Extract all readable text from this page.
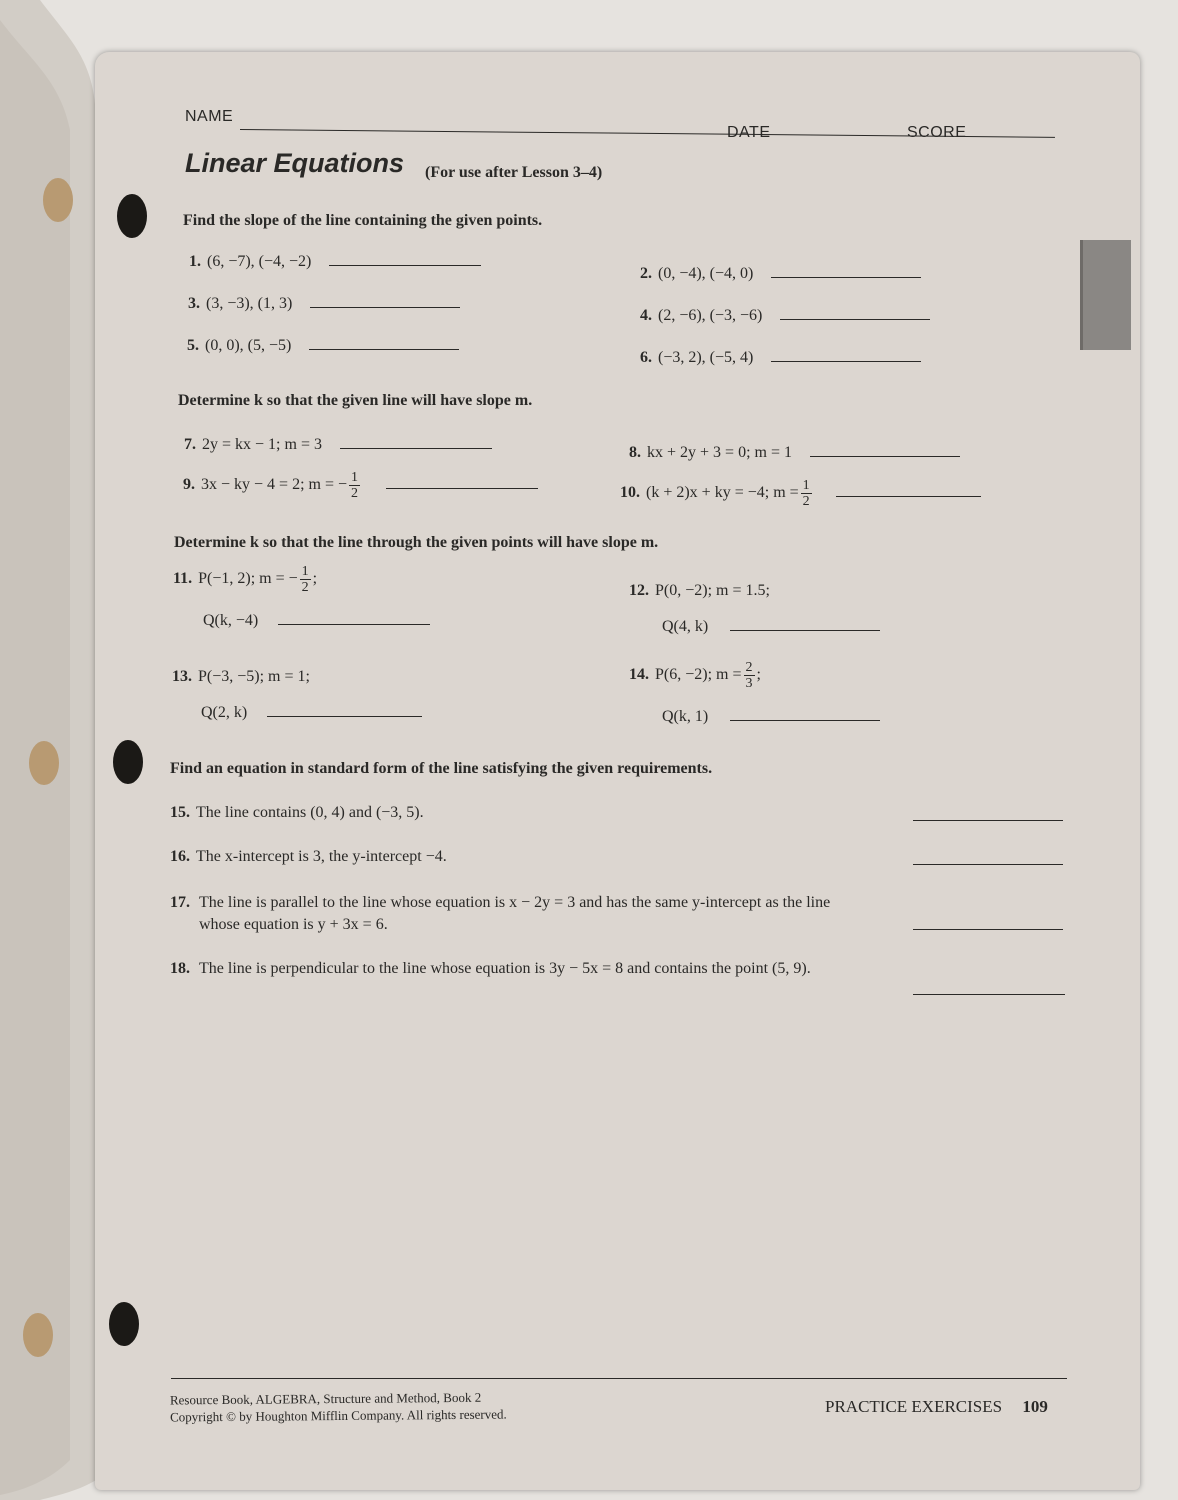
NAME
DATE	SCORE
Linear Equations (For use after Lesson 3–4)
Find the slope of the line containing the given points.
1. (6, −7), (−4, −2)
2. (0, −4), (−4, 0)
3. (3, −3), (1, 3)
4. (2, −6), (−3, −6)
5. (0, 0), (5, −5)
6. (−3, 2), (−5, 4)
Determine k so that the given line will have slope m.
7. 2y = kx − 1; m = 3	8. kx + 2y + 3 = 0; m = 1
9. 3x − ky − 4 = 2; m = − $\frac{1}{2}$
	10. (k + 2)x + ky = −4; $m = \frac{1}{2}$

Determine k so that the line through the given points will have slope m.
11. P(−1, 2); m = − $\frac{1}{2}$ ;
Q(k, −4)
12. P(0, −2); m = 1.5;
Q(4, k)
13. P(−3, −5); m = 1;
Q(2, k)
14. P(6, −2); $m = \frac{2}{3}$ ;
Q(k, 1)
Find an equation in standard form of the line satisfying the given requirements.
15. The line contains (0, 4) and (−3, 5).
16. The x-intercept is 3, the y-intercept −4.
17. The line is parallel to the line whose equation is x − 2y = 3 and has the same y-intercept as the line whose equation is y + 3x = 6.
18. The line is perpendicular to the line whose equation is 3y − 5x = 8 and contains the point (5, 9).
Resource Book, ALGEBRA, Structure and Method, Book 2
Copyright © by Houghton Mifflin Company. All rights reserved.	PRACTICE EXERCISES 109
